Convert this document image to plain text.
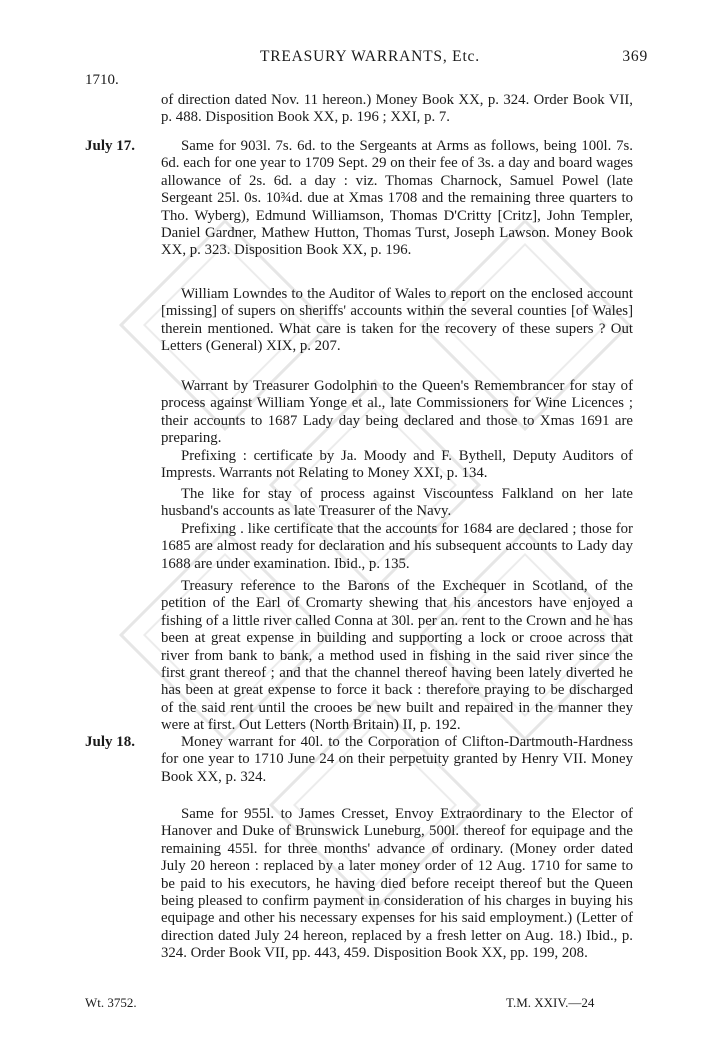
TREASURY WARRANTS, Etc.	369
1710.

of direction dated Nov. 11 hereon.) Money Book XX, p. 324. Order Book VII, p. 488. Disposition Book XX, p. 196 ; XXI, p. 7.

July 17.	Same for 903l. 7s. 6d. to the Sergeants at Arms as follows, being 100l. 7s. 6d. each for one year to 1709 Sept. 29 on their fee of 3s. a day and board wages allowance of 2s. 6d. a day : viz. Thomas Charnock, Samuel Powel (late Sergeant 25l. 0s. 10¾d. due at Xmas 1708 and the remaining three quarters to Tho. Wyberg), Edmund Williamson, Thomas D'Critty [Critz], John Templer, Daniel Gardner, Mathew Hutton, Thomas Turst, Joseph Lawson. Money Book XX, p. 323. Disposition Book XX, p. 196.

William Lowndes to the Auditor of Wales to report on the enclosed account [missing] of supers on sheriffs' accounts within the several counties [of Wales] therein mentioned. What care is taken for the recovery of these supers ? Out Letters (General) XIX, p. 207.

Warrant by Treasurer Godolphin to the Queen's Remembrancer for stay of process against William Yonge et al., late Commissioners for Wine Licences ; their accounts to 1687 Lady day being declared and those to Xmas 1691 are preparing.

Prefixing : certificate by Ja. Moody and F. Bythell, Deputy Auditors of Imprests. Warrants not Relating to Money XXI, p. 134.

The like for stay of process against Viscountess Falkland on her late husband's accounts as late Treasurer of the Navy.

Prefixing . like certificate that the accounts for 1684 are declared ; those for 1685 are almost ready for declaration and his subsequent accounts to Lady day 1688 are under examination. Ibid., p. 135.

Treasury reference to the Barons of the Exchequer in Scotland, of the petition of the Earl of Cromarty shewing that his ancestors have enjoyed a fishing of a little river called Conna at 30l. per an. rent to the Crown and he has been at great expense in building and supporting a lock or crooe across that river from bank to bank, a method used in fishing in the said river since the first grant thereof ; and that the channel thereof having been lately diverted he has been at great expense to force it back : therefore praying to be discharged of the said rent until the crooes be new built and repaired in the manner they were at first. Out Letters (North Britain) II, p. 192.

July 18.	Money warrant for 40l. to the Corporation of Clifton-Dartmouth-Hardness for one year to 1710 June 24 on their perpetuity granted by Henry VII. Money Book XX, p. 324.

Same for 955l. to James Cresset, Envoy Extraordinary to the Elector of Hanover and Duke of Brunswick Luneburg, 500l. thereof for equipage and the remaining 455l. for three months' advance of ordinary. (Money order dated July 20 hereon : replaced by a later money order of 12 Aug. 1710 for same to be paid to his executors, he having died before receipt thereof but the Queen being pleased to confirm payment in consideration of his charges in buying his equipage and other his necessary expenses for his said employment.) (Letter of direction dated July 24 hereon, replaced by a fresh letter on Aug. 18.) Ibid., p. 324. Order Book VII, pp. 443, 459. Disposition Book XX, pp. 199, 208.

Wt. 3752.	T.M. XXIV.—24
